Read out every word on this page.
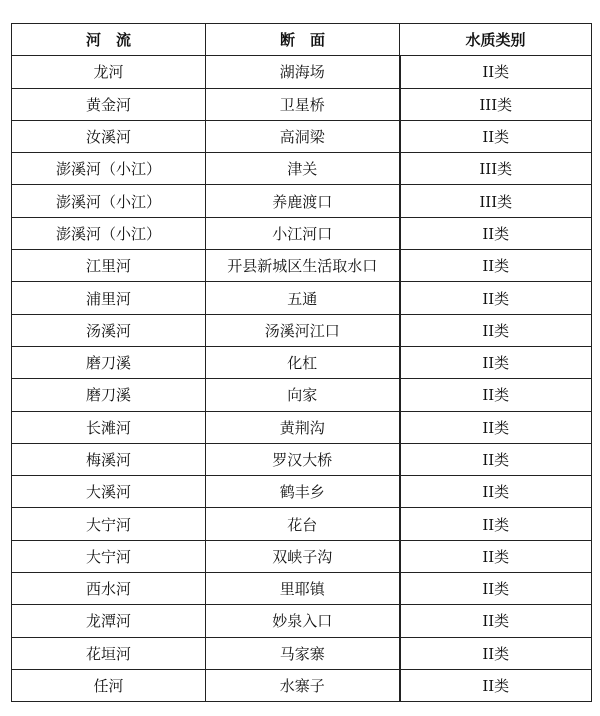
河　流	断　面	水质类别
龙河	湖海场	II类
黄金河	卫星桥	III类
汝溪河	高洞梁	II类
澎溪河（小江）	津关	III类
澎溪河（小江）	养鹿渡口	III类
澎溪河（小江）	小江河口	II类
江里河	开县新城区生活取水口	II类
浦里河	五通	II类
汤溪河	汤溪河江口	II类
磨刀溪	化杠	II类
磨刀溪	向家	II类
长滩河	黄荆沟	II类
梅溪河	罗汉大桥	II类
大溪河	鹤丰乡	II类
大宁河	花台	II类
大宁河	双峡子沟	II类
西水河	里耶镇	II类
龙潭河	妙泉入口	II类
花垣河	马家寨	II类
任河	水寨子	II类
